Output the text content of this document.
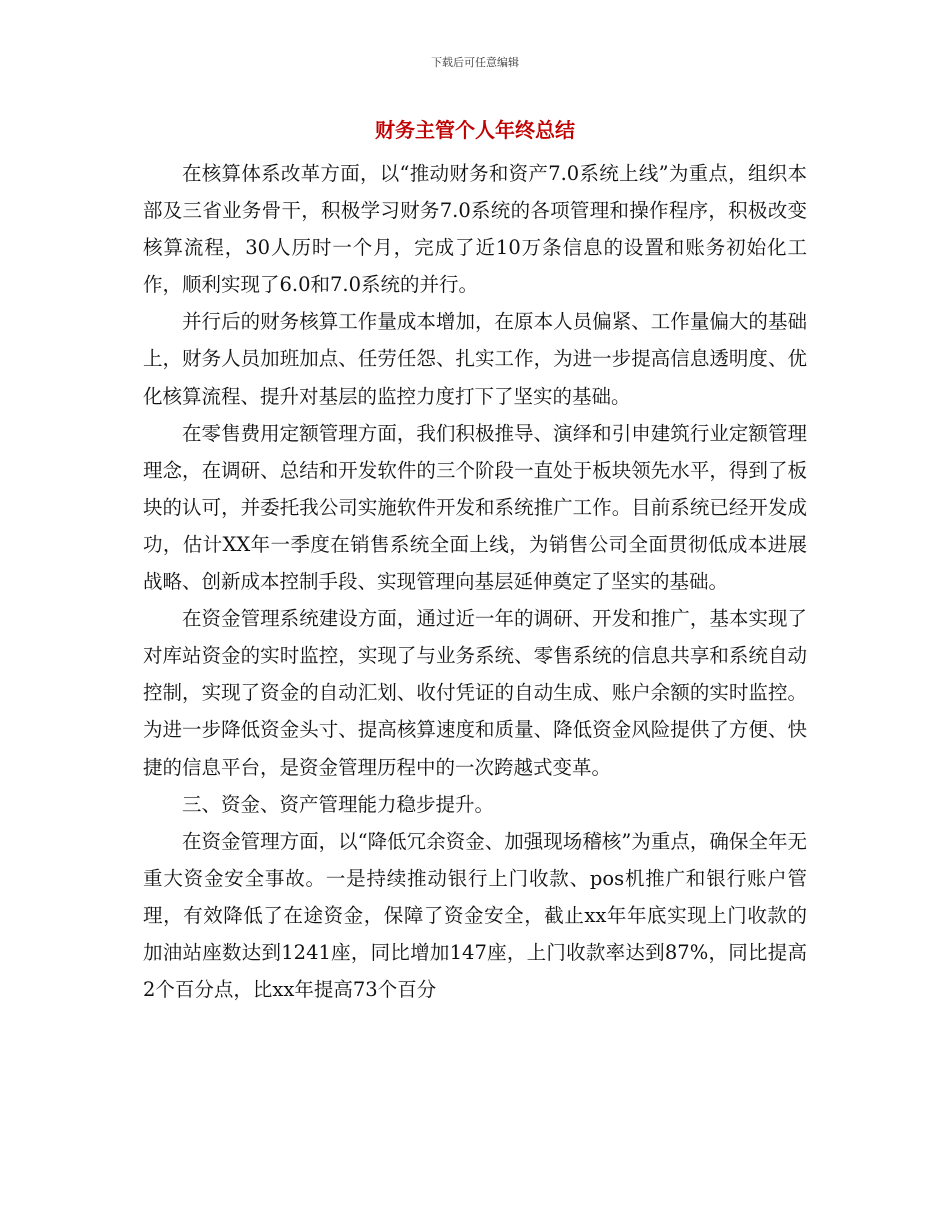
下载后可任意编辑
财务主管个人年终总结

在核算体系改革方面，以“推动财务和资产7.0系统上线”为重点，组织本部及三省业务骨干，积极学习财务7.0系统的各项管理和操作程序，积极改变核算流程，30人历时一个月，完成了近10万条信息的设置和账务初始化工作，顺利实现了6.0和7.0系统的并行。

并行后的财务核算工作量成本增加，在原本人员偏紧、工作量偏大的基础上，财务人员加班加点、任劳任怨、扎实工作，为进一步提高信息透明度、优化核算流程、提升对基层的监控力度打下了坚实的基础。

在零售费用定额管理方面，我们积极推导、演绎和引申建筑行业定额管理理念，在调研、总结和开发软件的三个阶段一直处于板块领先水平，得到了板块的认可，并委托我公司实施软件开发和系统推广工作。目前系统已经开发成功，估计XX年一季度在销售系统全面上线，为销售公司全面贯彻低成本进展战略、创新成本控制手段、实现管理向基层延伸奠定了坚实的基础。

在资金管理系统建设方面，通过近一年的调研、开发和推广，基本实现了对库站资金的实时监控，实现了与业务系统、零售系统的信息共享和系统自动控制，实现了资金的自动汇划、收付凭证的自动生成、账户余额的实时监控。为进一步降低资金头寸、提高核算速度和质量、降低资金风险提供了方便、快捷的信息平台，是资金管理历程中的一次跨越式变革。

三、资金、资产管理能力稳步提升。

在资金管理方面，以“降低冗余资金、加强现场稽核”为重点，确保全年无重大资金安全事故。一是持续推动银行上门收款、pos机推广和银行账户管理，有效降低了在途资金，保障了资金安全，截止xx年年底实现上门收款的加油站座数达到1241座，同比增加147座，上门收款率达到87%，同比提高2个百分点，比xx年提高73个百分
